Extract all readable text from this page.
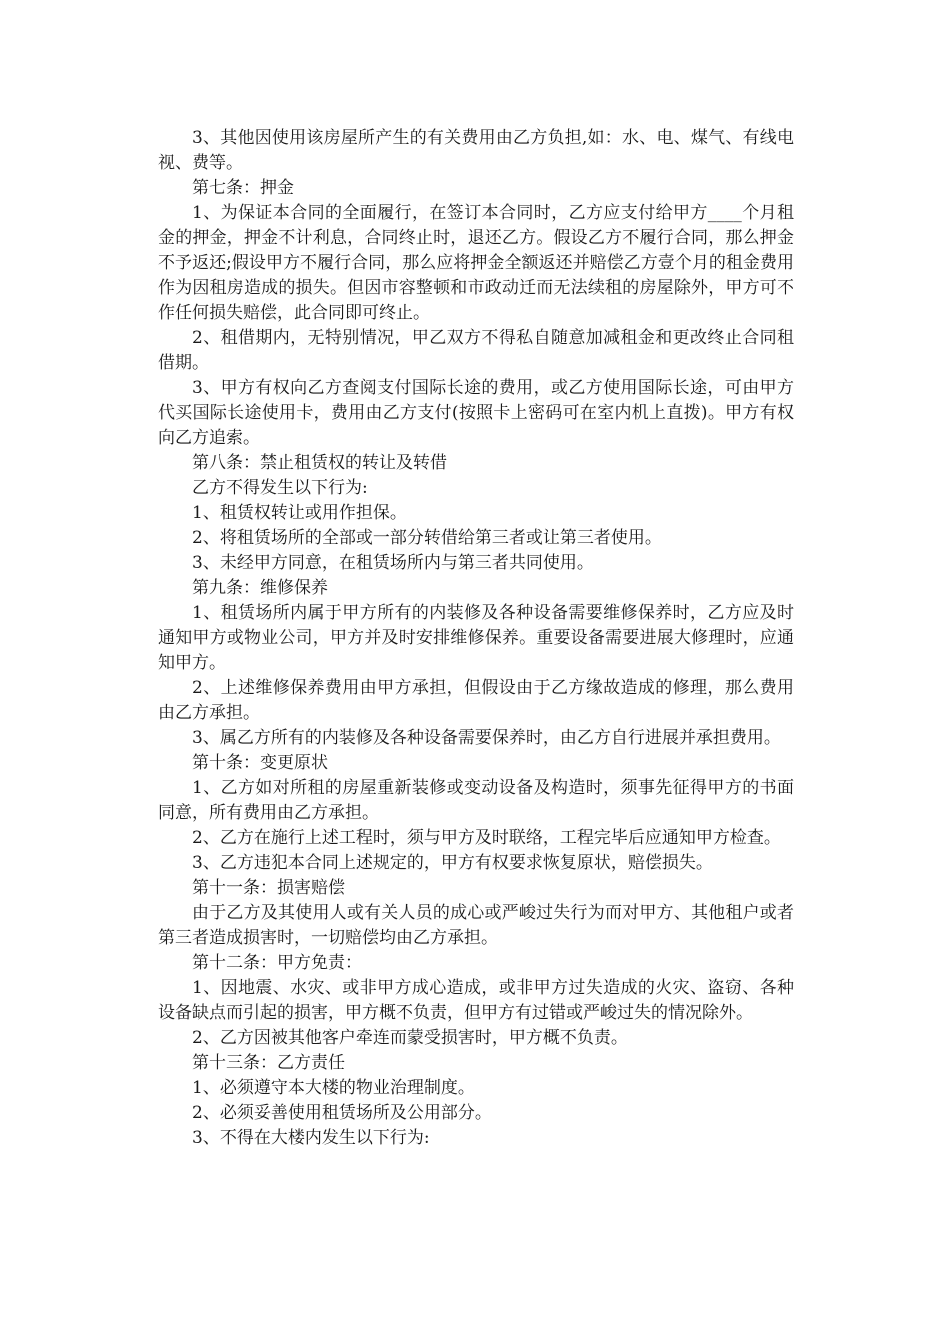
3、其他因使用该房屋所产生的有关费用由乙方负担,如：水、电、煤气、有线电视、费等。

第七条：押金

1、为保证本合同的全面履行，在签订本合同时，乙方应支付给甲方____个月租金的押金，押金不计利息，合同终止时，退还乙方。假设乙方不履行合同，那么押金不予返还;假设甲方不履行合同，那么应将押金全额返还并赔偿乙方壹个月的租金费用作为因租房造成的损失。但因市容整顿和市政动迁而无法续租的房屋除外，甲方可不作任何损失赔偿，此合同即可终止。

2、租借期内，无特别情况，甲乙双方不得私自随意加减租金和更改终止合同租借期。

3、甲方有权向乙方查阅支付国际长途的费用，或乙方使用国际长途，可由甲方代买国际长途使用卡，费用由乙方支付(按照卡上密码可在室内机上直拨)。甲方有权向乙方追索。

第八条：禁止租赁权的转让及转借

乙方不得发生以下行为:

1、租赁权转让或用作担保。

2、将租赁场所的全部或一部分转借给第三者或让第三者使用。

3、未经甲方同意，在租赁场所内与第三者共同使用。

第九条：维修保养

1、租赁场所内属于甲方所有的内装修及各种设备需要维修保养时，乙方应及时通知甲方或物业公司，甲方并及时安排维修保养。重要设备需要进展大修理时，应通知甲方。

2、上述维修保养费用由甲方承担，但假设由于乙方缘故造成的修理，那么费用由乙方承担。

3、属乙方所有的内装修及各种设备需要保养时，由乙方自行进展并承担费用。

第十条：变更原状

1、乙方如对所租的房屋重新装修或变动设备及构造时，须事先征得甲方的书面同意，所有费用由乙方承担。

2、乙方在施行上述工程时，须与甲方及时联络，工程完毕后应通知甲方检查。

3、乙方违犯本合同上述规定的，甲方有权要求恢复原状，赔偿损失。

第十一条：损害赔偿

由于乙方及其使用人或有关人员的成心或严峻过失行为而对甲方、其他租户或者第三者造成损害时，一切赔偿均由乙方承担。

第十二条：甲方免责：

1、因地震、水灾、或非甲方成心造成，或非甲方过失造成的火灾、盗窃、各种设备缺点而引起的损害，甲方概不负责，但甲方有过错或严峻过失的情况除外。

2、乙方因被其他客户牵连而蒙受损害时，甲方概不负责。

第十三条：乙方责任

1、必须遵守本大楼的物业治理制度。

2、必须妥善使用租赁场所及公用部分。

3、不得在大楼内发生以下行为:
